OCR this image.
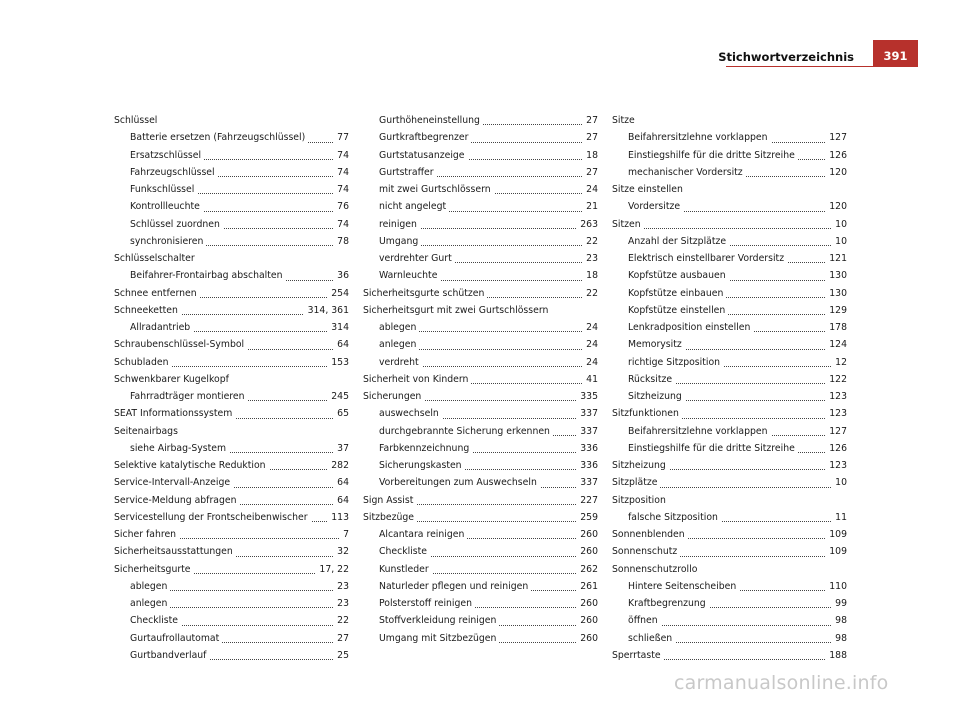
Stichwortverzeichnis	391
Schlüssel
Batterie ersetzen (Fahrzeugschlüssel)	77
Ersatzschlüssel	74
Fahrzeugschlüssel	74
Funkschlüssel	74
Kontrollleuchte	76
Schlüssel zuordnen	74
synchronisieren	78
Schlüsselschalter
Beifahrer-Frontairbag abschalten	36
Schnee entfernen	254
Schneeketten	314, 361
Allradantrieb	314
Schraubenschlüssel-Symbol	64
Schubladen	153
Schwenkbarer Kugelkopf
Fahrradträger montieren	245
SEAT Informationssystem	65
Seitenairbags
siehe Airbag-System	37
Selektive katalytische Reduktion	282
Service-Intervall-Anzeige	64
Service-Meldung abfragen	64
Servicestellung der Frontscheibenwischer	113
Sicher fahren	7
Sicherheitsausstattungen	32
Sicherheitsgurte	17, 22
ablegen	23
anlegen	23
Checkliste	22
Gurtaufrollautomat	27
Gurtbandverlauf	25
Gurthöheneinstellung	27
Gurtkraftbegrenzer	27
Gurtstatusanzeige	18
Gurtstraffer	27
mit zwei Gurtschlössern	24
nicht angelegt	21
reinigen	263
Umgang	22
verdrehter Gurt	23
Warnleuchte	18
Sicherheitsgurte schützen	22
Sicherheitsgurt mit zwei Gurtschlössern
ablegen	24
anlegen	24
verdreht	24
Sicherheit von Kindern	41
Sicherungen	335
auswechseln	337
durchgebrannte Sicherung erkennen	337
Farbkennzeichnung	336
Sicherungskasten	336
Vorbereitungen zum Auswechseln	337
Sign Assist	227
Sitzbezüge	259
Alcantara reinigen	260
Checkliste	260
Kunstleder	262
Naturleder pflegen und reinigen	261
Polsterstoff reinigen	260
Stoffverkleidung reinigen	260
Umgang mit Sitzbezügen	260
Sitze
Beifahrersitzlehne vorklappen	127
Einstiegshilfe für die dritte Sitzreihe	126
mechanischer Vordersitz	120
Sitze einstellen
Vordersitze	120
Sitzen	10
Anzahl der Sitzplätze	10
Elektrisch einstellbarer Vordersitz	121
Kopfstütze ausbauen	130
Kopfstütze einbauen	130
Kopfstütze einstellen	129
Lenkradposition einstellen	178
Memorysitz	124
richtige Sitzposition	12
Rücksitze	122
Sitzheizung	123
Sitzfunktionen	123
Beifahrersitzlehne vorklappen	127
Einstiegshilfe für die dritte Sitzreihe	126
Sitzheizung	123
Sitzplätze	10
Sitzposition
falsche Sitzposition	11
Sonnenblenden	109
Sonnenschutz	109
Sonnenschutzrollo
Hintere Seitenscheiben	110
Kraftbegrenzung	99
öffnen	98
schließen	98
Sperrtaste	188
carmanualsonline.info
